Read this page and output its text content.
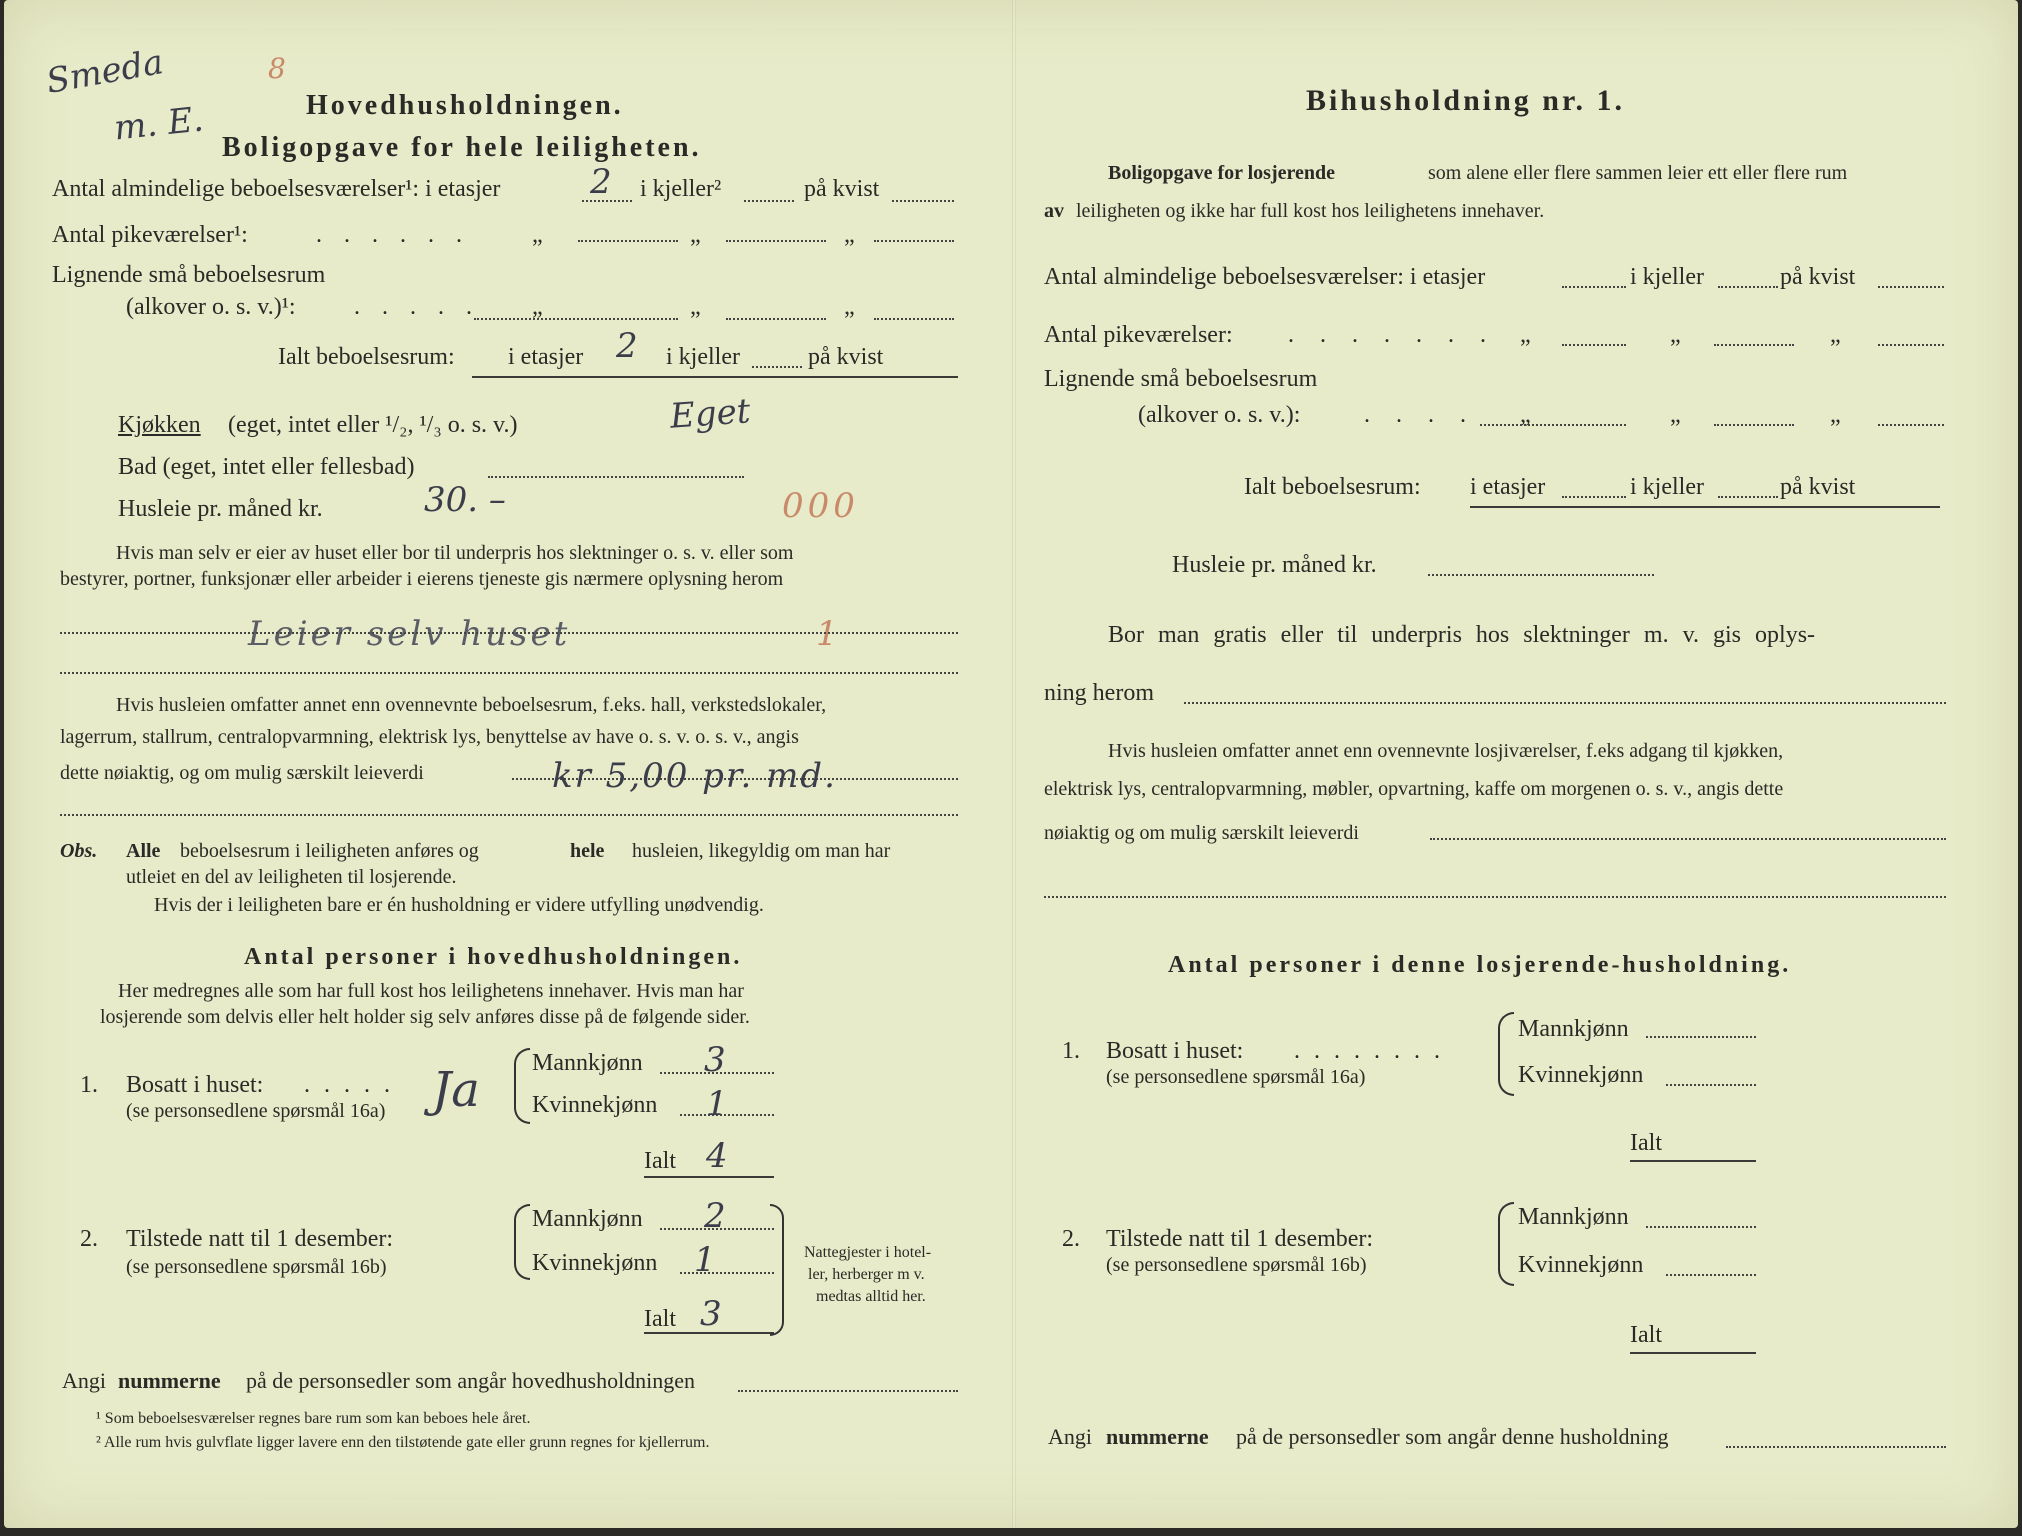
Smeda	8
m. E.	Hovedhusholdningen.
Boligopgave for hele leiligheten.
Antal almindelige beboelsesværelser¹: i etasjer	2 i kjeller²	på kvist
Antal pikeværelser¹:	. . . . . .	„	„	„
Lignende små beboelsesrum
(alkover o. s. v.)¹: . . . . . „	„	„
Ialt beboelsesrum: i etasjer 2 i kjeller	på kvist
Kjøkken (eget, intet eller ¹/₂, ¹/₃ o. s. v.)	Eget
Bad (eget, intet eller fellesbad)
Husleie pr. måned kr.	30. –	000
Hvis man selv er eier av huset eller bor til underpris hos slektninger o. s. v. eller som
bestyrer, portner, funksjonær eller arbeider i eierens tjeneste gis nærmere oplysning herom
Leier selv huset	1
Hvis husleien omfatter annet enn ovennevnte beboelsesrum, f.eks. hall, verkstedslokaler,
lagerrum, stallrum, centralopvarmning, elektrisk lys, benyttelse av have o. s. v. o. s. v., angis
dette nøiaktig, og om mulig særskilt leieverdi	kr 5,00 pr. md.
Obs. Alle beboelsesrum i leiligheten anføres og	hele husleien, likegyldig om man har
utleiet en del av leiligheten til losjerende.
Hvis der i leiligheten bare er én husholdning er videre utfylling unødvendig.
Antal personer i hovedhusholdningen.
Her medregnes alle som har full kost hos leilighetens innehaver. Hvis man har
losjerende som delvis eller helt holder sig selv anføres disse på de følgende sider.
1. Bosatt i huset: . . . . .
(se personsedlene spørsmål 16a) Ja Mannkjønn 3
Kvinnekjønn 1
Ialt 4
2. Tilstede natt til 1 desember:
(se personsedlene spørsmål 16b)
Mannkjønn 2
Kvinnekjønn 1
Ialt 3
Nattegjester i hotel-
ler, herberger m v.
medtas alltid her.
Angi nummerne på de personsedler som angår hovedhusholdningen
¹ Som beboelsesværelser regnes bare rum som kan beboes hele året.
² Alle rum hvis gulvflate ligger lavere enn den tilstøtende gate eller grunn regnes for kjellerrum.
Bihusholdning nr. 1.
Boligopgave for losjerende	som alene eller flere sammen leier ett eller flere rum
av leiligheten og ikke har full kost hos leilighetens innehaver.
Antal almindelige beboelsesværelser: i etasjer	i kjeller	på kvist
Antal pikeværelser: . . . . . . . „	„	„
Lignende små beboelsesrum
(alkover o. s. v.):	. . . . „	„	„
Ialt beboelsesrum: i etasjer	i kjeller	på kvist
Husleie pr. måned kr.
Bor man gratis eller til underpris hos slektninger m. v. gis oplys-
ning herom
Hvis husleien omfatter annet enn ovennevnte losjiværelser, f.eks adgang til kjøkken,
elektrisk lys, centralopvarmning, møbler, opvartning, kaffe om morgenen o. s. v., angis dette
nøiaktig og om mulig særskilt leieverdi
Antal personer i denne losjerende-husholdning.
1. Bosatt i huset: . . . . . . . .
(se personsedlene spørsmål 16a)
Mannkjønn
Kvinnekjønn
Ialt
2. Tilstede natt til 1 desember:
(se personsedlene spørsmål 16b)
Mannkjønn
Kvinnekjønn
Ialt
Angi nummerne på de personsedler som angår denne husholdning
